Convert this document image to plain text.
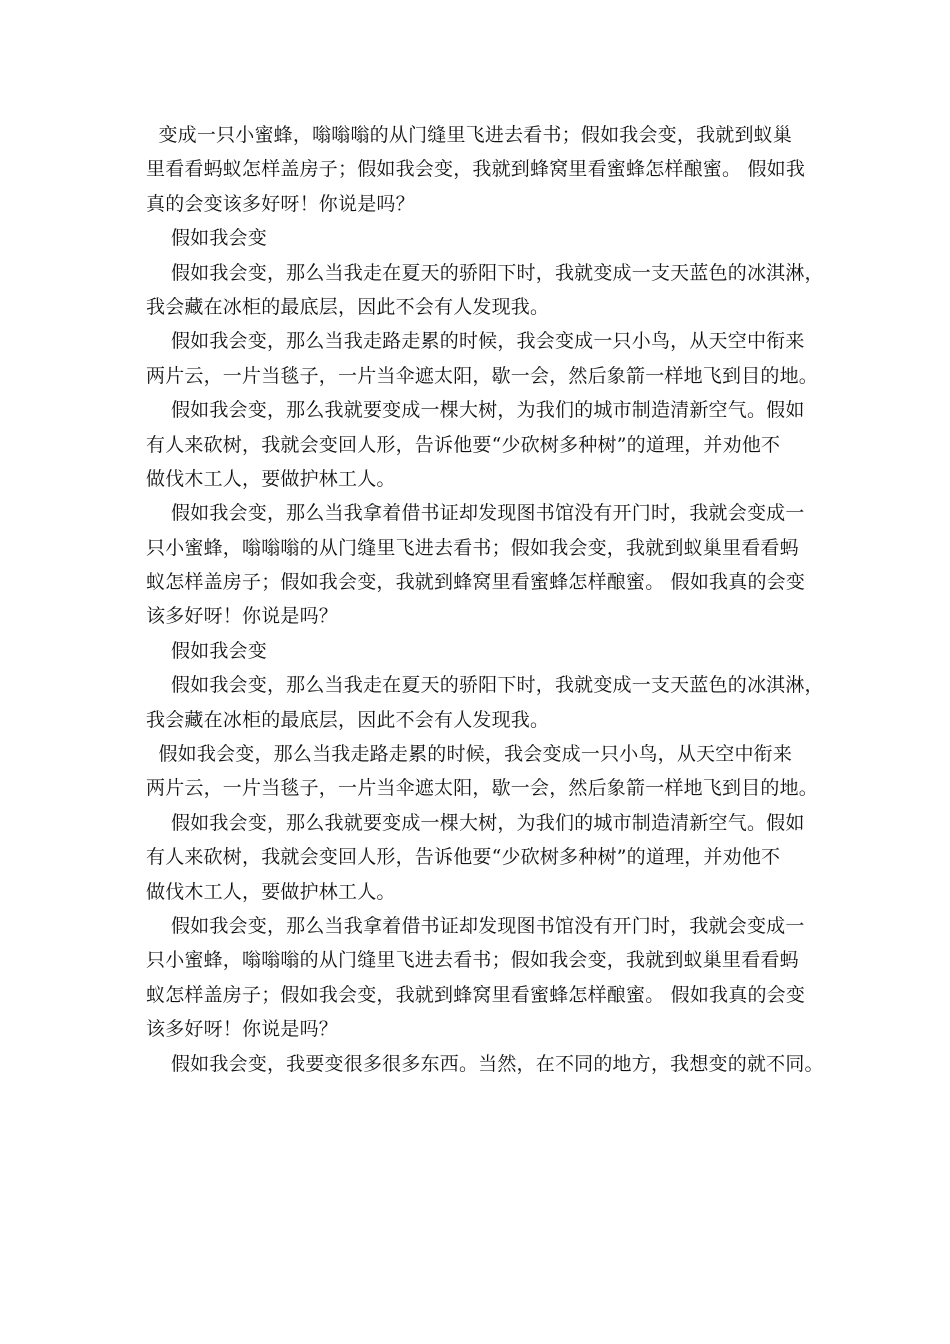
变成一只小蜜蜂，嗡嗡嗡的从门缝里飞进去看书；假如我会变，我就到蚁巢
里看看蚂蚁怎样盖房子；假如我会变，我就到蜂窝里看蜜蜂怎样酿蜜。 假如我
真的会变该多好呀！你说是吗？
假如我会变
假如我会变，那么当我走在夏天的骄阳下时，我就变成一支天蓝色的冰淇淋，
我会藏在冰柜的最底层，因此不会有人发现我。
假如我会变，那么当我走路走累的时候，我会变成一只小鸟，从天空中衔来
两片云，一片当毯子，一片当伞遮太阳，歇一会，然后象箭一样地飞到目的地。
假如我会变，那么我就要变成一棵大树，为我们的城市制造清新空气。假如
有人来砍树，我就会变回人形，告诉他要“少砍树多种树”的道理，并劝他不
做伐木工人，要做护林工人。
假如我会变，那么当我拿着借书证却发现图书馆没有开门时，我就会变成一
只小蜜蜂，嗡嗡嗡的从门缝里飞进去看书；假如我会变，我就到蚁巢里看看蚂
蚁怎样盖房子；假如我会变，我就到蜂窝里看蜜蜂怎样酿蜜。 假如我真的会变
该多好呀！你说是吗？
假如我会变
假如我会变，那么当我走在夏天的骄阳下时，我就变成一支天蓝色的冰淇淋，
我会藏在冰柜的最底层，因此不会有人发现我。
假如我会变，那么当我走路走累的时候，我会变成一只小鸟，从天空中衔来
两片云，一片当毯子，一片当伞遮太阳，歇一会，然后象箭一样地飞到目的地。
假如我会变，那么我就要变成一棵大树，为我们的城市制造清新空气。假如
有人来砍树，我就会变回人形，告诉他要“少砍树多种树”的道理，并劝他不
做伐木工人，要做护林工人。
假如我会变，那么当我拿着借书证却发现图书馆没有开门时，我就会变成一
只小蜜蜂，嗡嗡嗡的从门缝里飞进去看书；假如我会变，我就到蚁巢里看看蚂
蚁怎样盖房子；假如我会变，我就到蜂窝里看蜜蜂怎样酿蜜。 假如我真的会变
该多好呀！你说是吗？
假如我会变，我要变很多很多东西。当然，在不同的地方，我想变的就不同。
